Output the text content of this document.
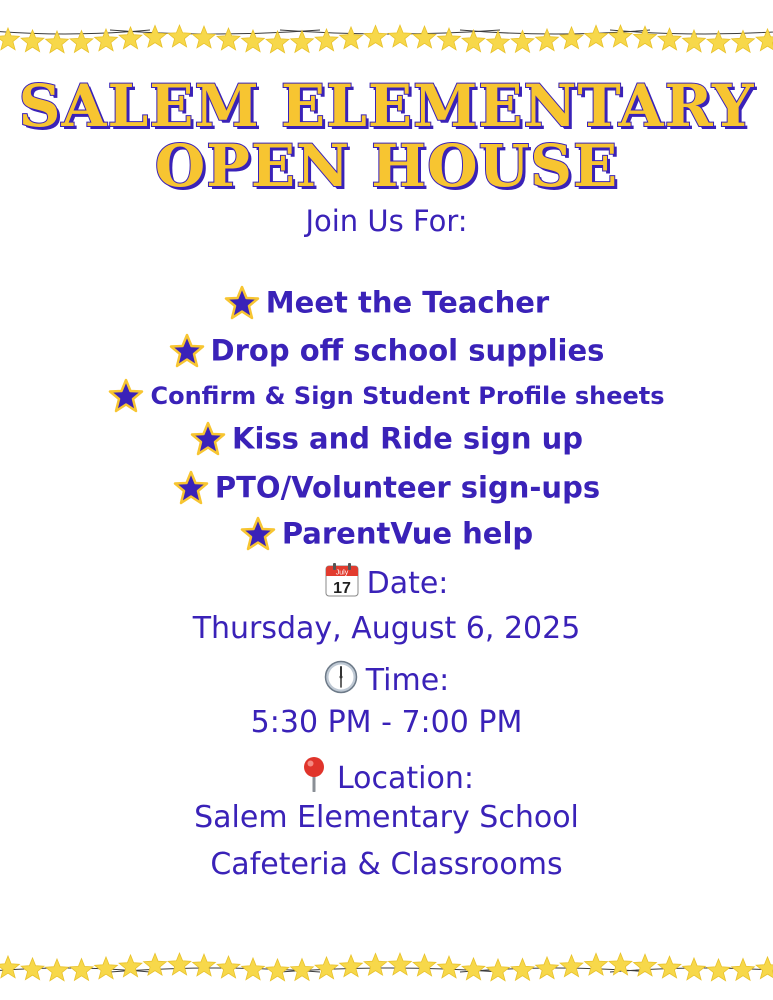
SALEM ELEMENTARY
OPEN HOUSE

Join Us For:

Meet the Teacher
Drop off school supplies
Confirm & Sign Student Profile sheets
Kiss and Ride sign up
PTO/Volunteer sign-ups
ParentVue help

July
17 Date:

Thursday, August 6, 2025

Time:

5:30 PM - 7:00 PM

Location:

Salem Elementary School

Cafeteria & Classrooms
